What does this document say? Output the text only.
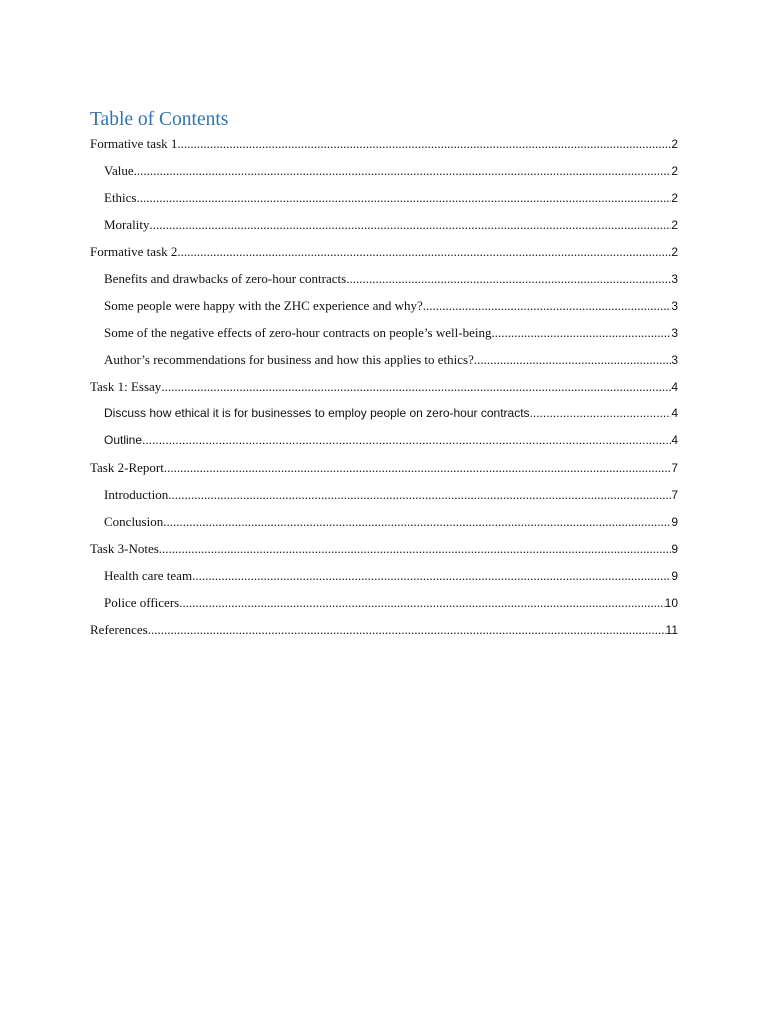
Table of Contents
Formative task 1 .....	2
Value .....	2
Ethics .....	2
Morality .....	2
Formative task 2 .....	2
Benefits and drawbacks of zero-hour contracts .....	3
Some people were happy with the ZHC experience and why? .....	3
Some of the negative effects of zero-hour contracts on people’s well-being .....	3
Author’s recommendations for business and how this applies to ethics? .....	3
Task 1: Essay .....	4
Discuss how ethical it is for businesses to employ people on zero-hour contracts. .....	4
Outline .....	4
Task 2-Report .....	7
Introduction .....	7
Conclusion .....	9
Task 3-Notes .....	9
Health care team .....	9
Police officers .....	10
References .....	11
